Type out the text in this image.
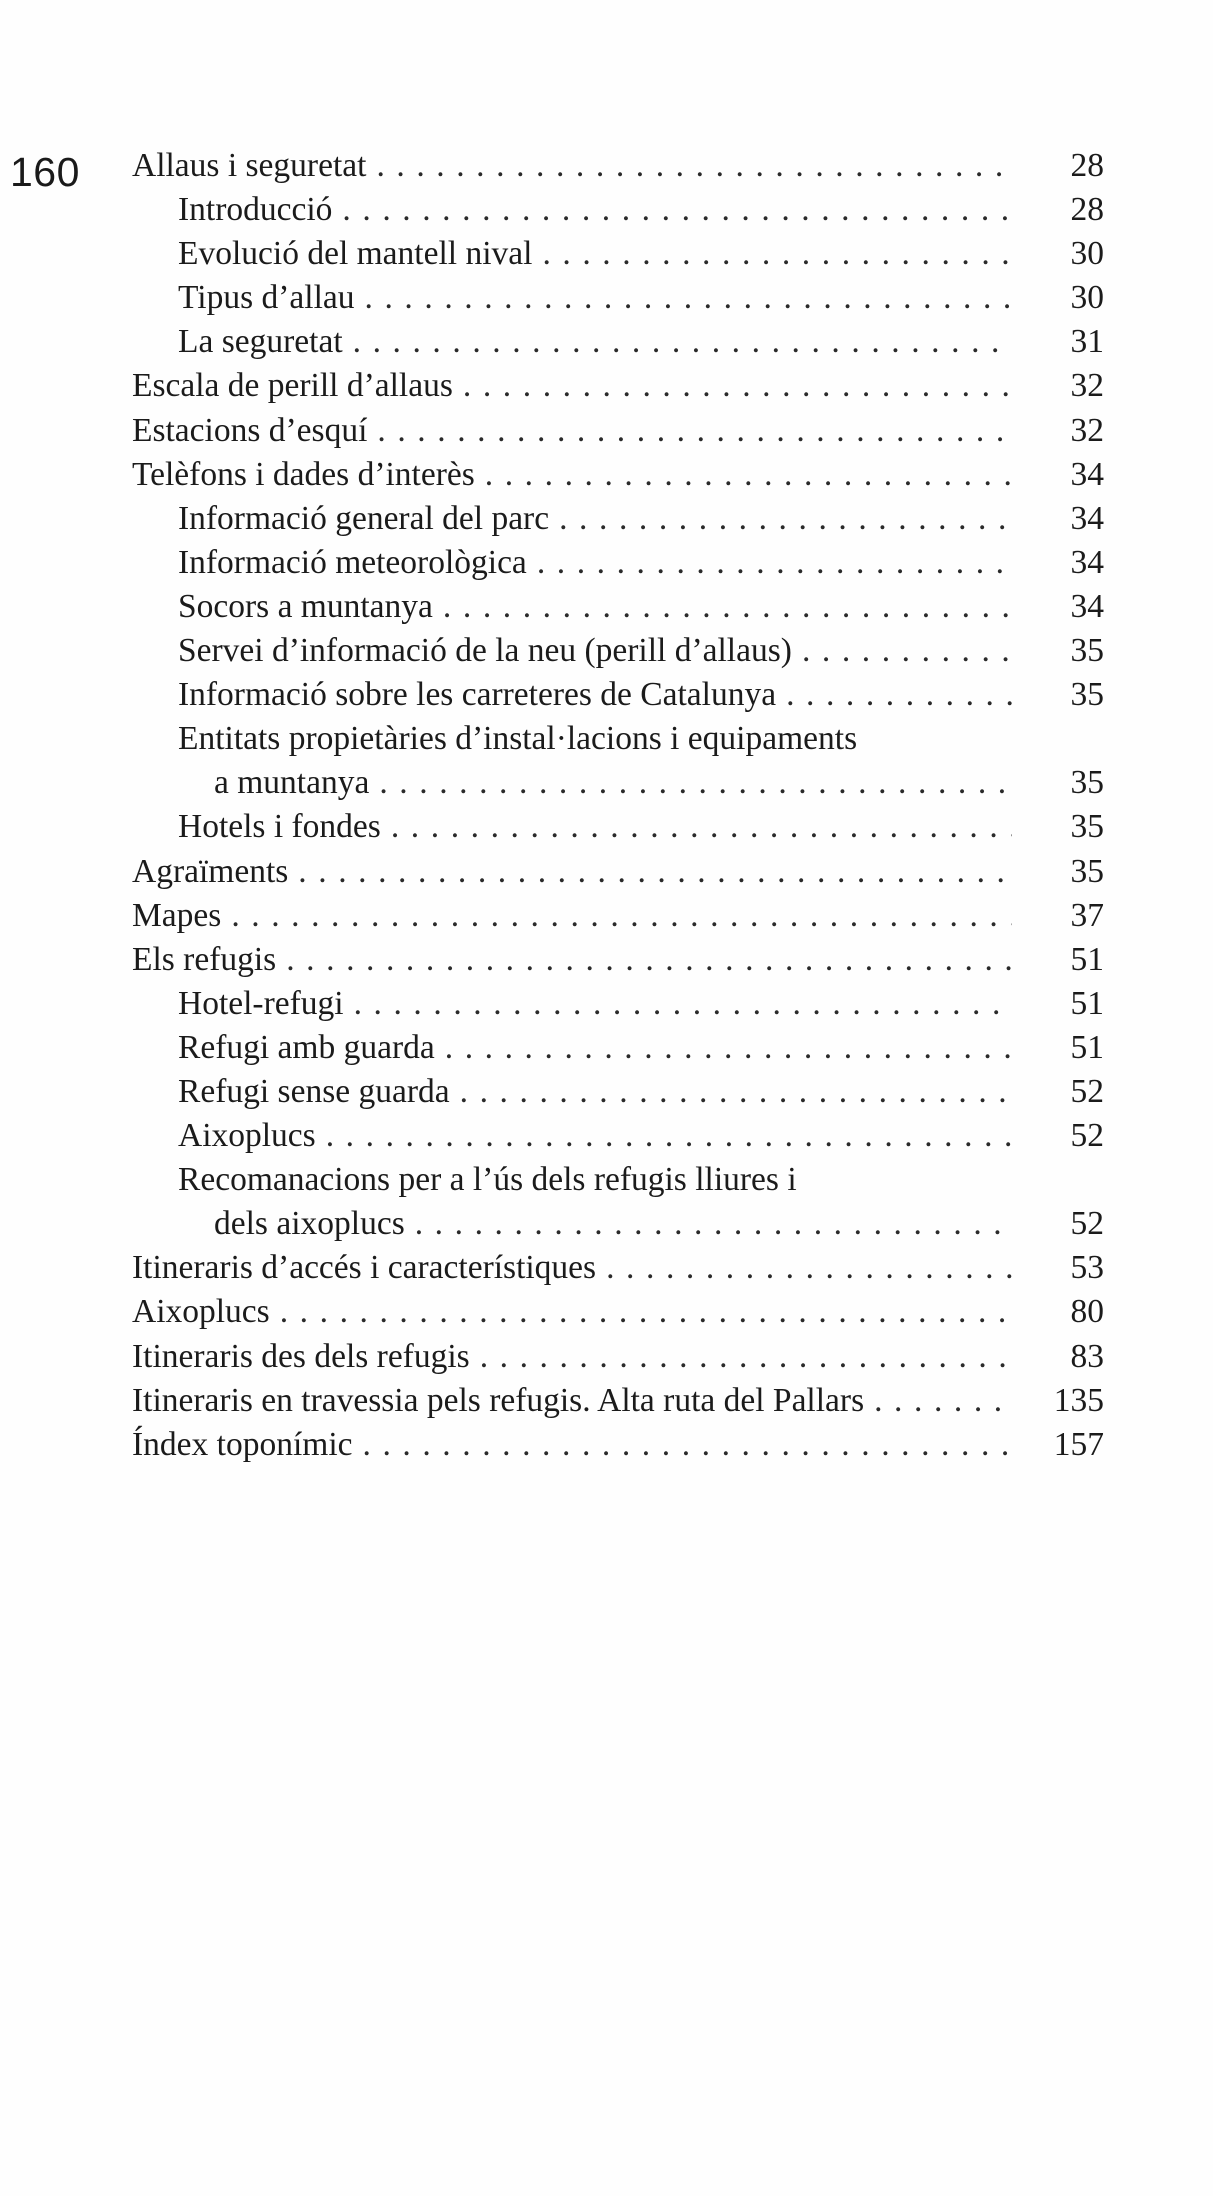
160 Allaus i seguretat . . .	28
Introducció . . .	28
Evolució del mantell nival . . .	30
Tipus d’allau . . .	30
La seguretat . . .	31
Escala de perill d’allaus . . .	32
Estacions d’esquí . . .	32
Telèfons i dades d’interès . . .	34
Informació general del parc . . .	34
Informació meteorològica . . .	34
Socors a muntanya . . .	34
Servei d’informació de la neu (perill d’allaus) . . .	35
Informació sobre les carreteres de Catalunya . . .	35
Entitats propietàries d’instal·lacions i equipaments
a muntanya . . .	35
Hotels i fondes . . .	35
Agraïments . . .	35
Mapes . . .	37
Els refugis . . .	51
Hotel-refugi . . .	51
Refugi amb guarda . . .	51
Refugi sense guarda . . .	52
Aixoplucs . . .	52
Recomanacions per a l’ús dels refugis lliures i
dels aixoplucs . . .	52
Itineraris d’accés i característiques . . .	53
Aixoplucs . . .	80
Itineraris des dels refugis . . .	83
Itineraris en travessia pels refugis. Alta ruta del Pallars . . .	135
Índex toponímic . . .	157
